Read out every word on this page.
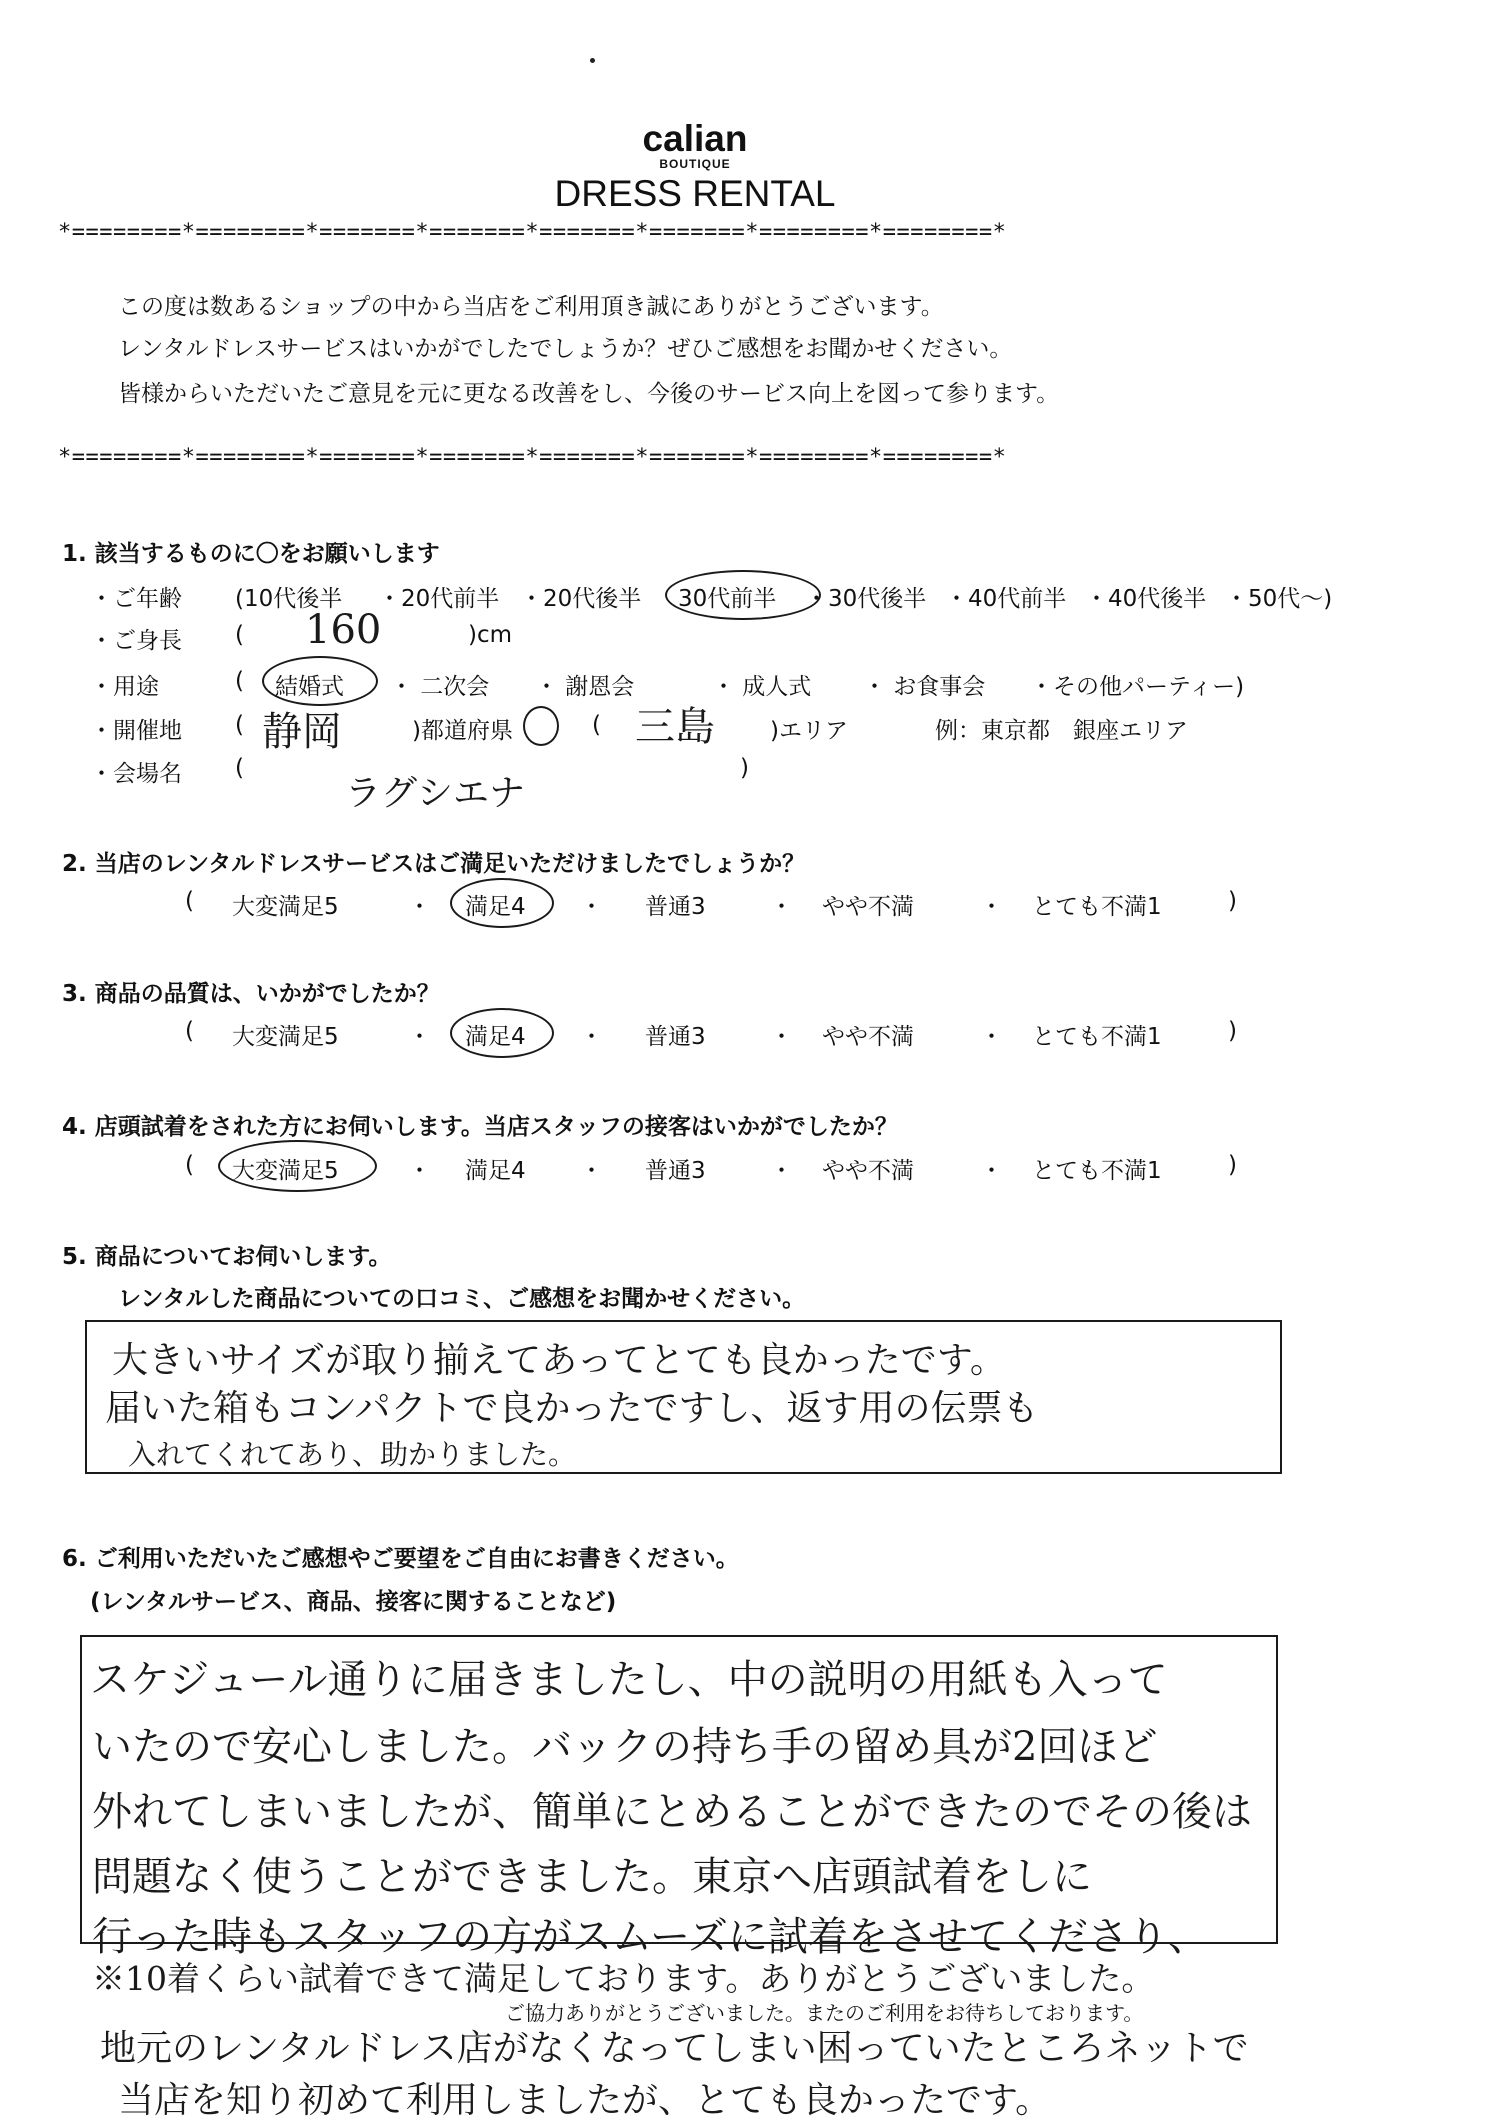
calian
BOUTIQUE
DRESS RENTAL
*========*========*=======*=======*=======*=======*========*========*
この度は数あるショップの中から当店をご利用頂き誠にありがとうございます。
レンタルドレスサービスはいかがでしたでしょうか？ぜひご感想をお聞かせください。
皆様からいただいたご意見を元に更なる改善をし、今後のサービス向上を図って参ります。
*========*========*=======*=======*=======*=======*========*========*
1. 該当するものに〇をお願いします
・ご年齢 (10代後半 ・20代前半 ・20代後半 30代前半 ・30代後半 ・40代前半 ・40代後半 ・50代〜)
・ご身長 ( 160	)cm
・用途	( 結婚式 ・ 二次会 ・ 謝恩会	・ 成人式 ・ お食事会 ・その他パーティー)
・開催地 ( 静岡	)都道府県	( 三島 )エリア	例：東京都　銀座エリア
・会場名 (
ラグシエナ
)
2. 当店のレンタルドレスサービスはご満足いただけましたでしょうか？
( 大変満足5	・ 満足4 ・ 普通3	・ やや不満	・ とても不満1	)
3. 商品の品質は、いかがでしたか？
( 大変満足5	・ 満足4 ・ 普通3	・ やや不満	・ とても不満1	)
4. 店頭試着をされた方にお伺いします。当店スタッフの接客はいかがでしたか？
( 大変満足5	・ 満足4 ・ 普通3	・ やや不満	・ とても不満1	)
5. 商品についてお伺いします。
レンタルした商品についての口コミ、ご感想をお聞かせください。
大きいサイズが取り揃えてあってとても良かったです。
届いた箱もコンパクトで良かったですし、返す用の伝票も
入れてくれてあり、助かりました。
6. ご利用いただいたご感想やご要望をご自由にお書きください。
(レンタルサービス、商品、接客に関することなど)
スケジュール通りに届きましたし、中の説明の用紙も入って
いたので安心しました。バックの持ち手の留め具が2回ほど
外れてしまいましたが、簡単にとめることができたのでその後は
問題なく使うことができました。東京へ店頭試着をしに
行った時もスタッフの方がスムーズに試着をさせてくださり、
※10着くらい試着できて満足しております。ありがとうございました。
ご協力ありがとうございました。またのご利用をお待ちしております。
地元のレンタルドレス店がなくなってしまい困っていたところネットで
当店を知り初めて利用しましたが、とても良かったです。
